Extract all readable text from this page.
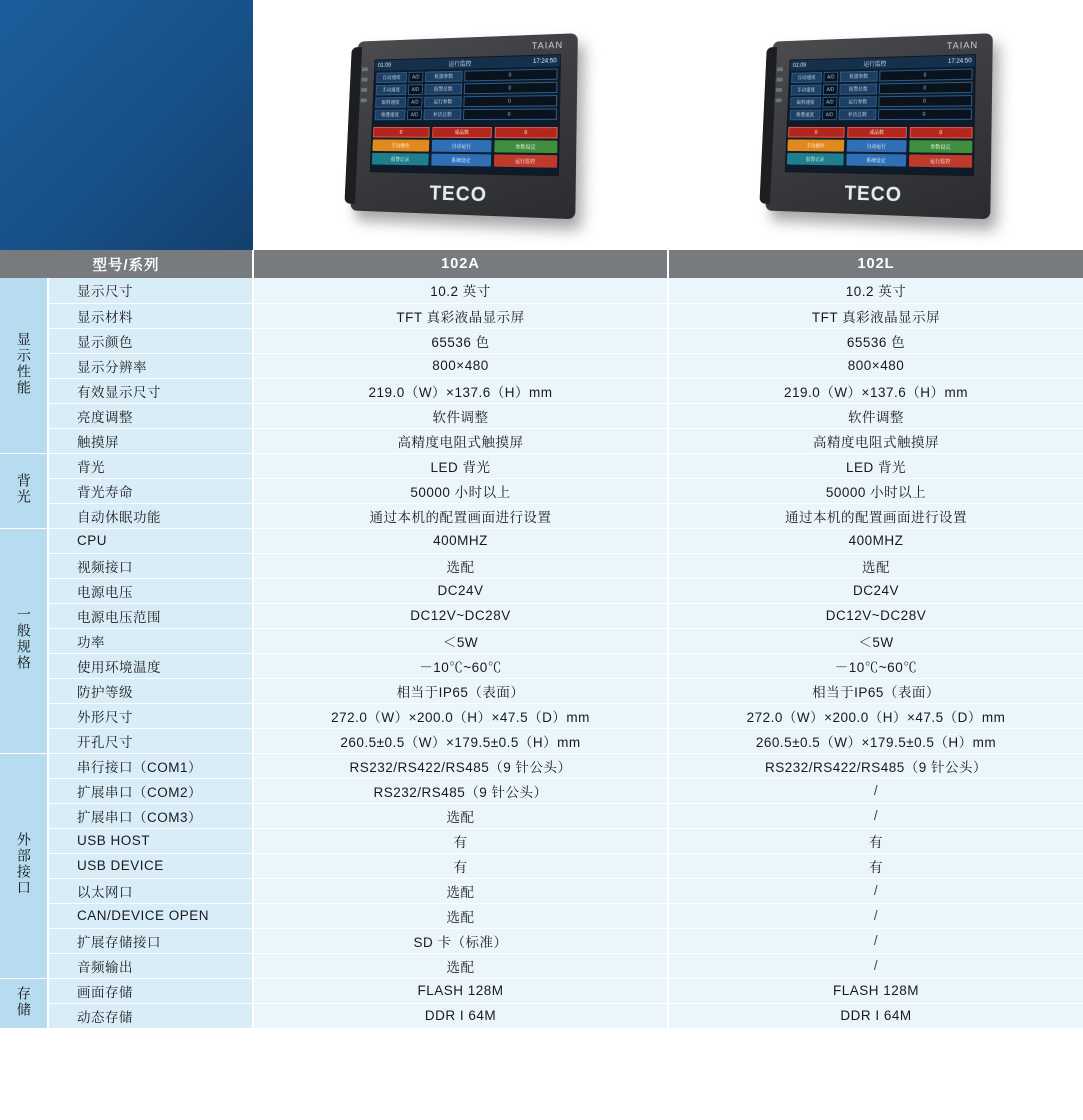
TAIAN
01:09	运行监控
17:24:50
自动速度	A/D	机器参数	0
手动速度	A/D	报警总数	0
取料速度	A/D	运行参数	0
堆叠速度	A/D	补货总数	0
0	成品数	0
手动操作	自动运行	参数设定
报警记录	系统设定	运行监控
TECO
TAIAN
01:09	运行监控
17:24:50
自动速度	A/D	机器参数	0
手动速度	A/D	报警总数	0
取料速度	A/D	运行参数	0
堆叠速度	A/D	补货总数	0
0	成品数	0
手动操作	自动运行	参数设定
报警记录	系统设定	运行监控
TECO
型号/系列		102A	102L
显示性能	显示尺寸	10.2 英寸	10.2 英寸
	显示材料	TFT 真彩液晶显示屏	TFT 真彩液晶显示屏
	显示颜色	65536 色	65536 色
	显示分辨率	800×480	800×480
	有效显示尺寸	219.0（W）×137.6（H）mm	219.0（W）×137.6（H）mm
	亮度调整	软件调整	软件调整
	触摸屏	高精度电阻式触摸屏	高精度电阻式触摸屏
背光	背光	LED 背光	LED 背光
	背光寿命	50000 小时以上	50000 小时以上
	自动休眠功能	通过本机的配置画面进行设置	通过本机的配置画面进行设置
一般规格	CPU	400MHZ	400MHZ
	视频接口	选配	选配
	电源电压	DC24V	DC24V
	电源电压范围	DC12V~DC28V	DC12V~DC28V
	功率	＜5W	＜5W
	使用环境温度	－10℃~60℃	－10℃~60℃
	防护等级	相当于IP65（表面）	相当于IP65（表面）
	外形尺寸	272.0（W）×200.0（H）×47.5（D）mm	272.0（W）×200.0（H）×47.5（D）mm
	开孔尺寸	260.5±0.5（W）×179.5±0.5（H）mm	260.5±0.5（W）×179.5±0.5（H）mm
外部接口	串行接口（COM1）	RS232/RS422/RS485（9 针公头）	RS232/RS422/RS485（9 针公头）
	扩展串口（COM2）	RS232/RS485（9 针公头）	/
	扩展串口（COM3）	选配	/
	USB HOST	有	有
	USB DEVICE	有	有
	以太网口	选配	/
	CAN/DEVICE OPEN	选配	/
	扩展存储接口	SD 卡（标准）	/
	音频输出	选配	/
存储	画面存储	FLASH 128M	FLASH 128M
	动态存储	DDR I 64M	DDR I 64M
